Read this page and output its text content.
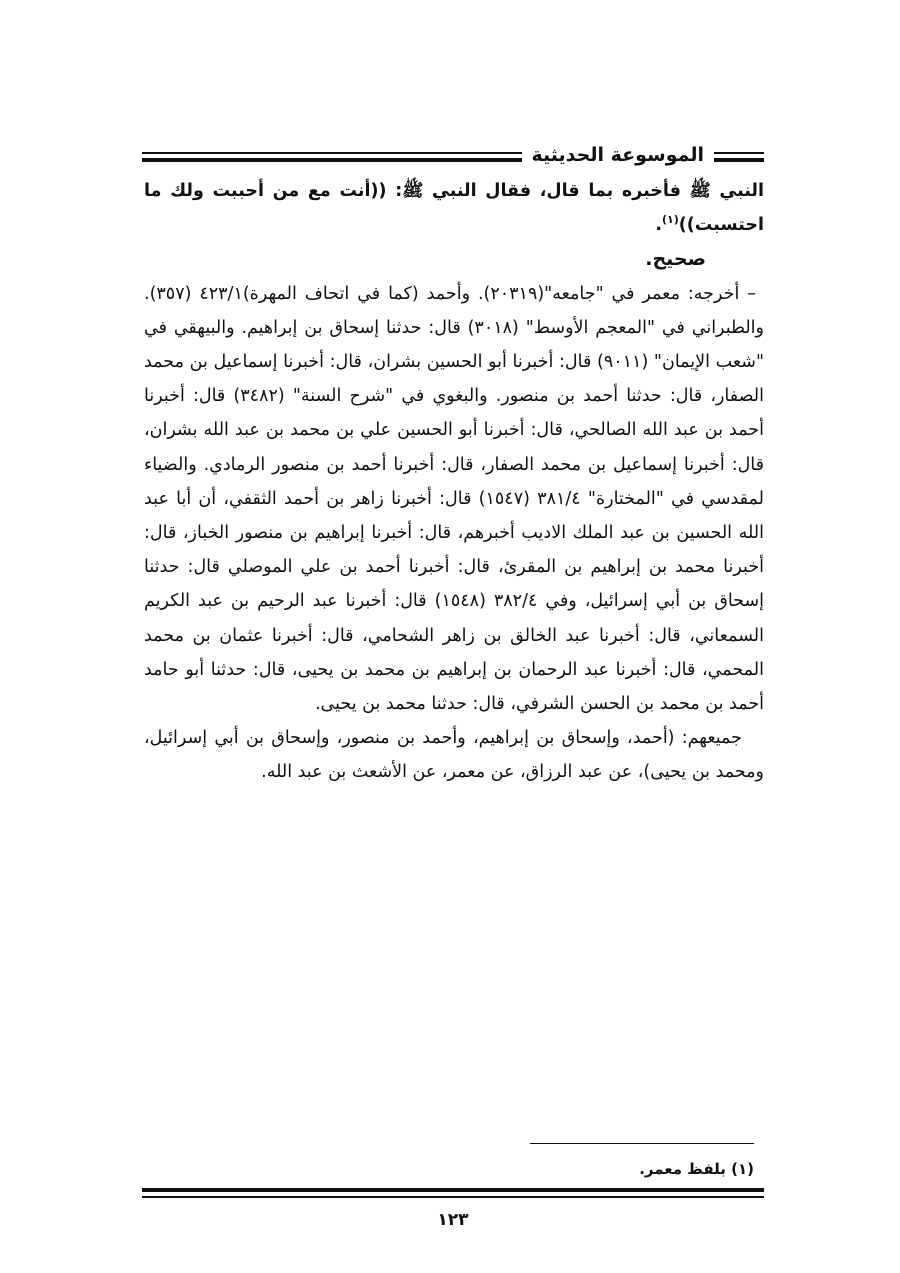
الموسوعة الحديثية

النبي ﷺ فأخبره بما قال، فقال النبي ﷺ: ((أنت مع من أحببت ولك ما احتسبت))$^{(١)}$.

صحيح.

– أخرجه: معمر في "جامعه"(٢٠٣١٩). وأحمد (كما في اتحاف المهرة)٤٢٣/١ (٣٥٧). والطبراني في "المعجم الأوسط" (٣٠١٨) قال: حدثنا إسحاق بن إبراهيم. والبيهقي في "شعب الإيمان" (٩٠١١) قال: أخبرنا أبو الحسين بشران، قال: أخبرنا إسماعيل بن محمد الصفار، قال: حدثنا أحمد بن منصور. والبغوي في "شرح السنة" (٣٤٨٢) قال: أخبرنا أحمد بن عبد الله الصالحي، قال: أخبرنا أبو الحسين علي بن محمد بن عبد الله بشران، قال: أخبرنا إسماعيل بن محمد الصفار، قال: أخبرنا أحمد بن منصور الرمادي. والضياء لمقدسي في "المختارة" ٣٨١/٤ (١٥٤٧) قال: أخبرنا زاهر بن أحمد الثقفي، أن أبا عبد الله الحسين بن عبد الملك الاديب أخبرهم، قال: أخبرنا إبراهيم بن منصور الخباز، قال: أخبرنا محمد بن إبراهيم بن المقرئ، قال: أخبرنا أحمد بن علي الموصلي قال: حدثنا إسحاق بن أبي إسرائيل، وفي ٣٨٢/٤ (١٥٤٨) قال: أخبرنا عبد الرحيم بن عبد الكريم السمعاني، قال: أخبرنا عبد الخالق بن زاهر الشحامي، قال: أخبرنا عثمان بن محمد المحمي، قال: أخبرنا عبد الرحمان بن إبراهيم بن محمد بن يحيى، قال: حدثنا أبو حامد أحمد بن محمد بن الحسن الشرفي، قال: حدثنا محمد بن يحيى.

جميعهم: (أحمد، وإسحاق بن إبراهيم، وأحمد بن منصور، وإسحاق بن أبي إسرائيل، ومحمد بن يحيى)، عن عبد الرزاق، عن معمر، عن الأشعث بن عبد الله.

(١) بلفظ معمر.
١٢٣
